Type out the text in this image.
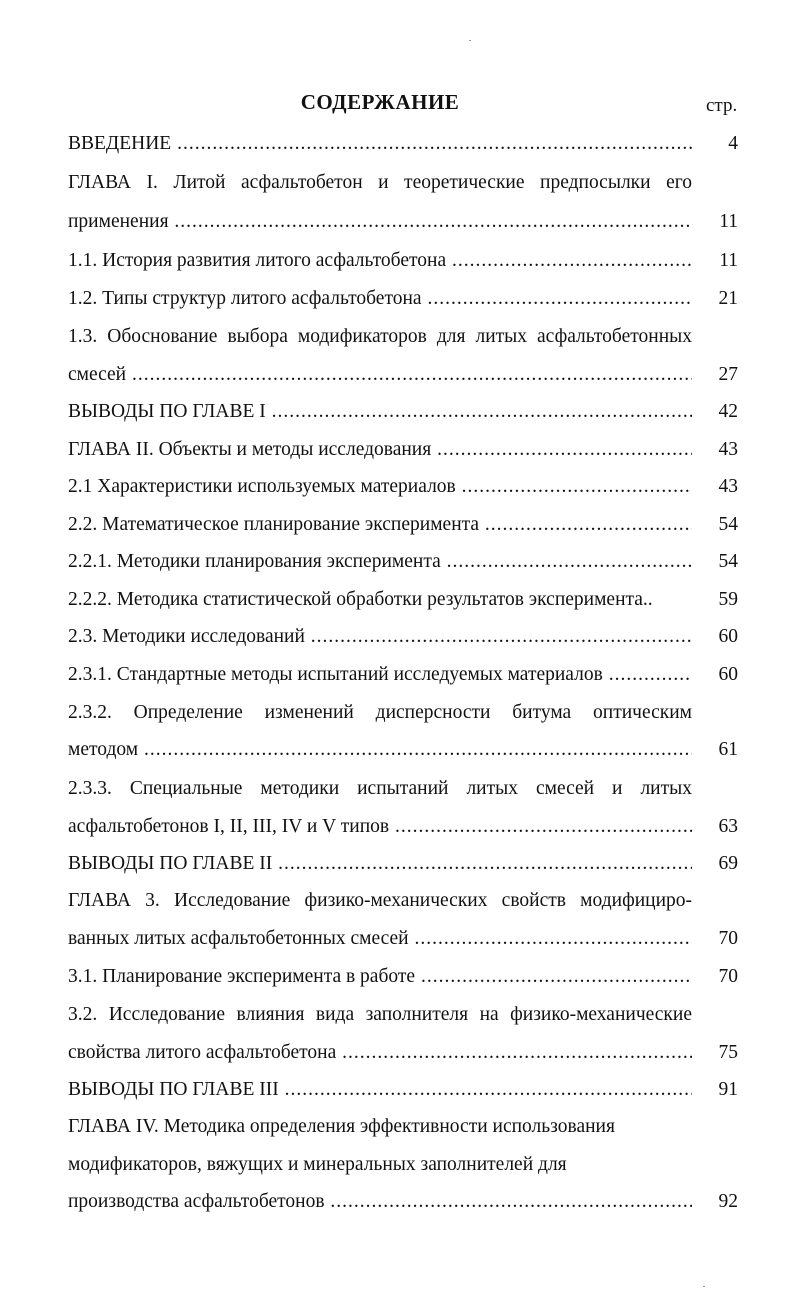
СОДЕРЖАНИЕ	стр.
ВВЕДЕНИЕ .....	4
ГЛАВА I. Литой асфальтобетон и теоретические предпосылки его
применения .....	11
1.1. История развития литого асфальтобетона .....	11
1.2. Типы структур литого асфальтобетона .....	21
1.3. Обоснование выбора модификаторов для литых асфальтобетонных
смесей .....	27
ВЫВОДЫ ПО ГЛАВЕ I .....	42
ГЛАВА II. Объекты и методы исследования .....	43
2.1 Характеристики используемых материалов .....	43
2.2. Математическое планирование эксперимента .....	54
2.2.1. Методики планирования эксперимента .....	54
2.2.2. Методика статистической обработки результатов эксперимента..	59
2.3. Методики исследований .....	60
2.3.1. Стандартные методы испытаний исследуемых материалов .....	60
2.3.2. Определение изменений дисперсности битума оптическим
методом .....	61
2.3.3. Специальные методики испытаний литых смесей и литых
асфальтобетонов I, II, III, IV и V типов .....	63
ВЫВОДЫ ПО ГЛАВЕ II .....	69
ГЛАВА 3. Исследование физико-механических свойств модифициро-
ванных литых асфальтобетонных смесей .....	70
3.1. Планирование эксперимента в работе .....	70
3.2. Исследование влияния вида заполнителя на физико-механические
свойства литого асфальтобетона .....	75
ВЫВОДЫ ПО ГЛАВЕ III .....	91
ГЛАВА IV. Методика определения эффективности использования
модификаторов, вяжущих и минеральных заполнителей для
производства асфальтобетонов .....	92
